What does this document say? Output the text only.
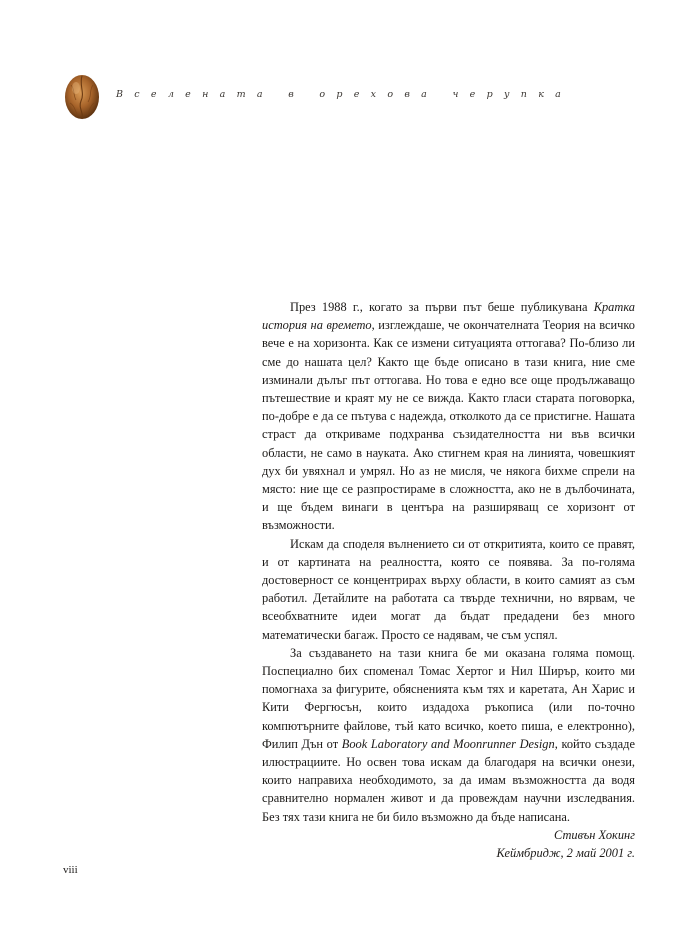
Вселената в орехова черупка

През 1988 г., когато за първи път беше публикувана Кратка история на времето, изглеждаше, че окончателната Теория на всичко вече е на хоризонта. Как се измени ситуацията оттогава? По-близо ли сме до нашата цел? Както ще бъде описано в тази книга, ние сме изминали дълъг път оттогава. Но това е едно все още продължаващо пътешествие и краят му не се вижда. Както гласи старата поговорка, по-добре е да се пътува с надежда, отколкото да се пристигне. Нашата страст да откриваме подхранва съзидателността ни във всички области, не само в науката. Ако стигнем края на линията, човешкият дух би увяхнал и умрял. Но аз не мисля, че някога бихме спрели на място: ние ще се разпростираме в сложността, ако не в дълбочината, и ще бъдем винаги в центъра на разширяващ се хоризонт от възможности.

Искам да споделя вълнението си от откритията, които се правят, и от картината на реалността, която се появява. За по-голяма достоверност се концентрирах върху области, в които самият аз съм работил. Детайлите на работата са твърде технични, но вярвам, че всеобхватните идеи могат да бъдат предадени без много математически багаж. Просто се надявам, че съм успял.

За създаването на тази книга бе ми оказана голяма помощ. Поспециално бих споменал Томас Хертог и Нил Ширър, които ми помогнаха за фигурите, обясненията към тях и каретата, Ан Харис и Кити Фергюсън, които издадоха ръкописа (или по-точно компютърните файлове, тъй като всичко, което пиша, е електронно), Филип Дън от Book Laboratory and Moonrunner Design, който създаде илюстрациите. Но освен това искам да благодаря на всички онези, които направиха необходимото, за да имам възможността да водя сравнително нормален живот и да провеждам научни изследвания. Без тях тази книга не би било възможно да бъде написана.

Стивън Хокинг

Кеймбридж, 2 май 2001 г.

viii
